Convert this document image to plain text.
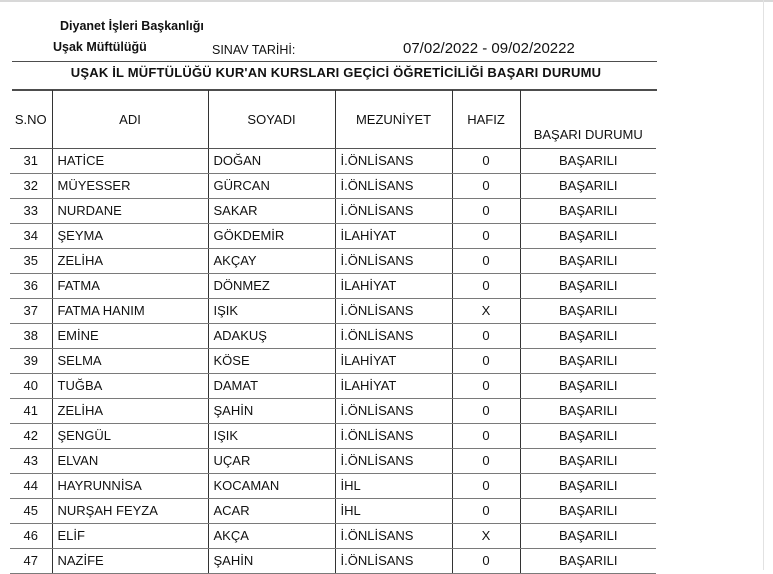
Diyanet İşleri Başkanlığı
Uşak Müftülüğü	SINAV TARİHİ:	07/02/2022 - 09/02/20222
UŞAK İL MÜFTÜLÜĞÜ KUR'AN KURSLARI GEÇİCİ ÖĞRETİCİLİĞİ BAŞARI DURUMU
S.NO	ADI	SOYADI	MEZUNİYET	HAFIZ	BAŞARI DURUMU
31	HATİCE	DOĞAN	İ.ÖNLİSANS	0	BAŞARILI
32	MÜYESSER	GÜRCAN	İ.ÖNLİSANS	0	BAŞARILI
33	NURDANE	SAKAR	İ.ÖNLİSANS	0	BAŞARILI
34	ŞEYMA	GÖKDEMİR	İLAHİYAT	0	BAŞARILI
35	ZELİHA	AKÇAY	İ.ÖNLİSANS	0	BAŞARILI
36	FATMA	DÖNMEZ	İLAHİYAT	0	BAŞARILI
37	FATMA HANIM	IŞIK	İ.ÖNLİSANS	X	BAŞARILI
38	EMİNE	ADAKUŞ	İ.ÖNLİSANS	0	BAŞARILI
39	SELMA	KÖSE	İLAHİYAT	0	BAŞARILI
40	TUĞBA	DAMAT	İLAHİYAT	0	BAŞARILI
41	ZELİHA	ŞAHİN	İ.ÖNLİSANS	0	BAŞARILI
42	ŞENGÜL	IŞIK	İ.ÖNLİSANS	0	BAŞARILI
43	ELVAN	UÇAR	İ.ÖNLİSANS	0	BAŞARILI
44	HAYRUNNİSA	KOCAMAN	İHL	0	BAŞARILI
45	NURŞAH FEYZA	ACAR	İHL	0	BAŞARILI
46	ELİF	AKÇA	İ.ÖNLİSANS	X	BAŞARILI
47	NAZİFE	ŞAHİN	İ.ÖNLİSANS	0	BAŞARILI
